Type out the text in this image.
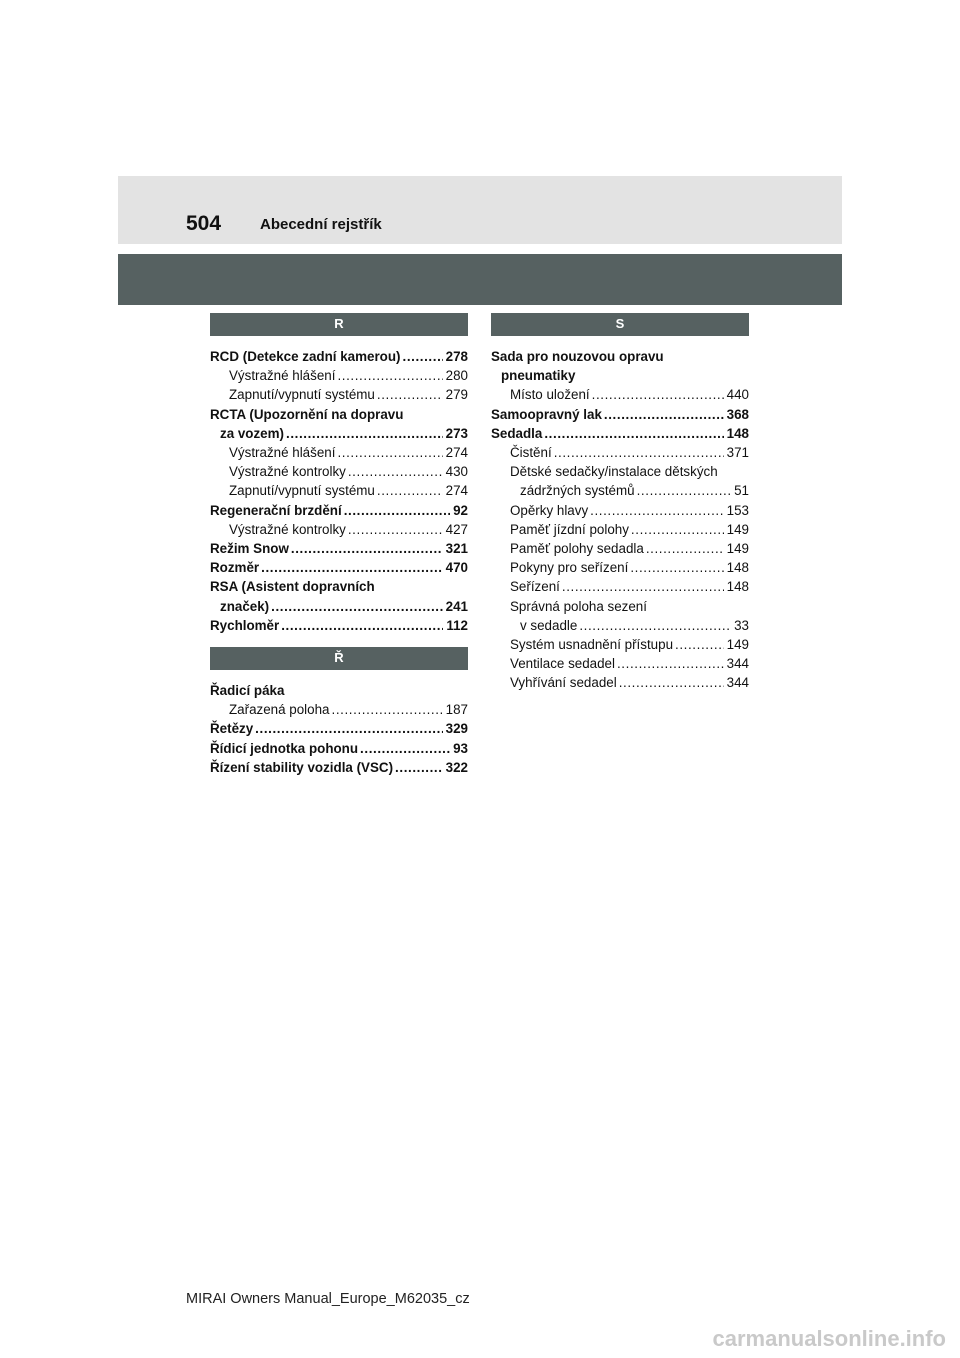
504	Abecední rejstřík
R
RCD (Detekce zadní kamerou) .....	278
Výstražné hlášení .....	280
Zapnutí/vypnutí systému .....	279
RCTA (Upozornění na dopravu
za vozem) .....	273
Výstražné hlášení .....	274
Výstražné kontrolky .....	430
Zapnutí/vypnutí systému .....	274
Regenerační brzdění .....	92
Výstražné kontrolky .....	427
Režim Snow .....	321
Rozměr .....	470
RSA (Asistent dopravních
značek) .....	241
Rychloměr .....	112
Ř
Řadicí páka
Zařazená poloha .....	187
Řetězy .....	329
Řídicí jednotka pohonu .....	93
Řízení stability vozidla (VSC) .....	322
S
Sada pro nouzovou opravu
pneumatiky
Místo uložení .....	440
Samoopravný lak .....	368
Sedadla .....	148
Čistění .....	371
Dětské sedačky/instalace dětských
zádržných systémů .....	51
Opěrky hlavy .....	153
Paměť jízdní polohy .....	149
Paměť polohy sedadla .....	149
Pokyny pro seřízení .....	148
Seřízení .....	148
Správná poloha sezení
v sedadle .....	33
Systém usnadnění přístupu .....	149
Ventilace sedadel .....	344
Vyhřívání sedadel .....	344
MIRAI Owners Manual_Europe_M62035_cz
carmanualsonline.info
